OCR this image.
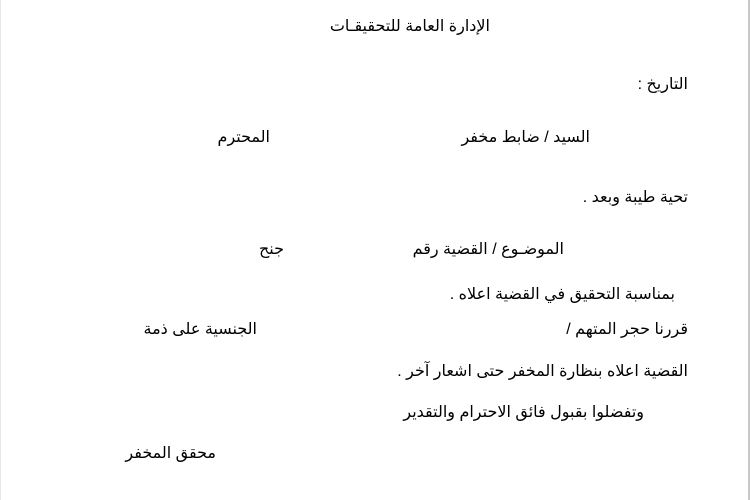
الإدارة العامة للتحقيقـات
التاريخ :
السيد / ضابط مخفر
المحترم
تحية طيبة وبعد .
الموضـوع / القضية رقم
جنح
بمناسبة التحقيق في القضية اعلاه .
قررنا حجر المتهم /
الجنسية على ذمة
القضية اعلاه بنظارة المخفر حتى اشعار آخر .
وتفضلوا بقبول فائق الاحترام والتقدير
محقق المخفر
